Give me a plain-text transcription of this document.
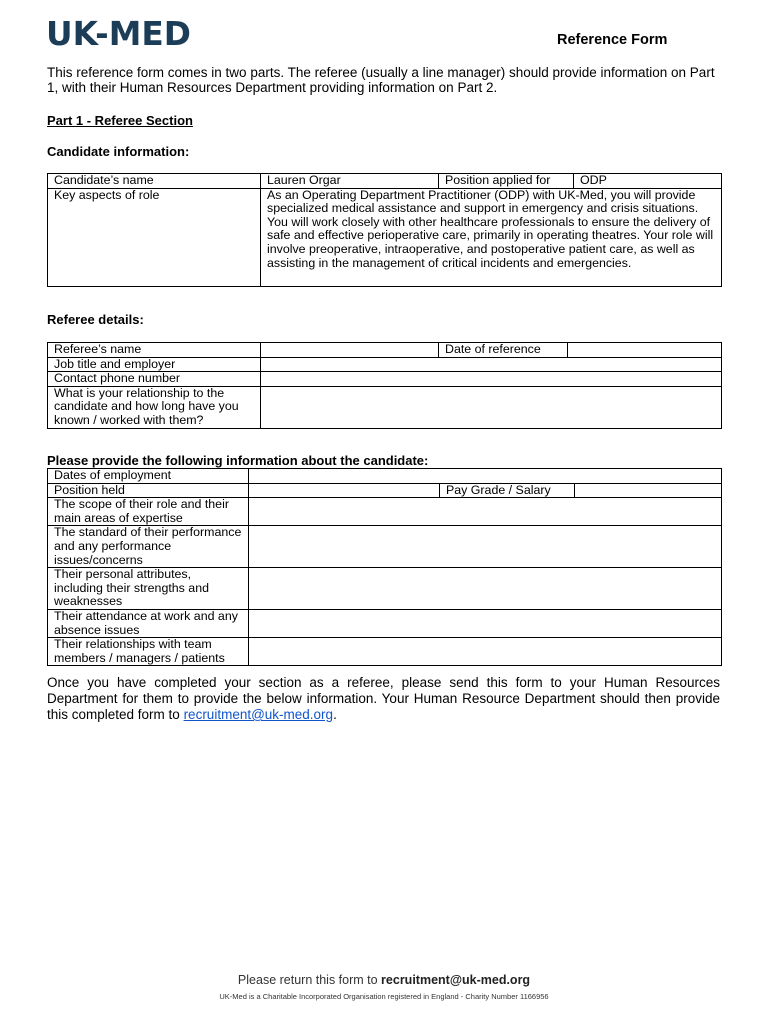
UK-MED	Reference Form
This reference form comes in two parts. The referee (usually a line manager) should provide information on Part 1, with their Human Resources Department providing information on Part 2.
Part 1 - Referee Section
Candidate information:
Candidate’s name	Lauren Orgar	Position applied for	ODP
Key aspects of role	As an Operating Department Practitioner (ODP) with UK-Med, you will provide specialized medical assistance and support in emergency and crisis situations. You will work closely with other healthcare professionals to ensure the delivery of safe and effective perioperative care, primarily in operating theatres. Your role will involve preoperative, intraoperative, and postoperative patient care, as well as assisting in the management of critical incidents and emergencies.		
Referee details:
Referee’s name		Date of reference	
Job title and employer			
Contact phone number			
What is your relationship to the candidate and how long have you known / worked with them?			
Please provide the following information about the candidate:
Dates of employment			
Position held		Pay Grade / Salary	
The scope of their role and their main areas of expertise			
The standard of their performance and any performance issues/concerns			
Their personal attributes, including their strengths and weaknesses			
Their attendance at work and any absence issues			
Their relationships with team members / managers / patients			
Once you have completed your section as a referee, please send this form to your Human Resources Department for them to provide the below information. Your Human Resource Department should then provide this completed form to recruitment@uk-med.org.
Please return this form to recruitment@uk-med.org
UK-Med is a Charitable Incorporated Organisation registered in England - Charity Number 1166956
